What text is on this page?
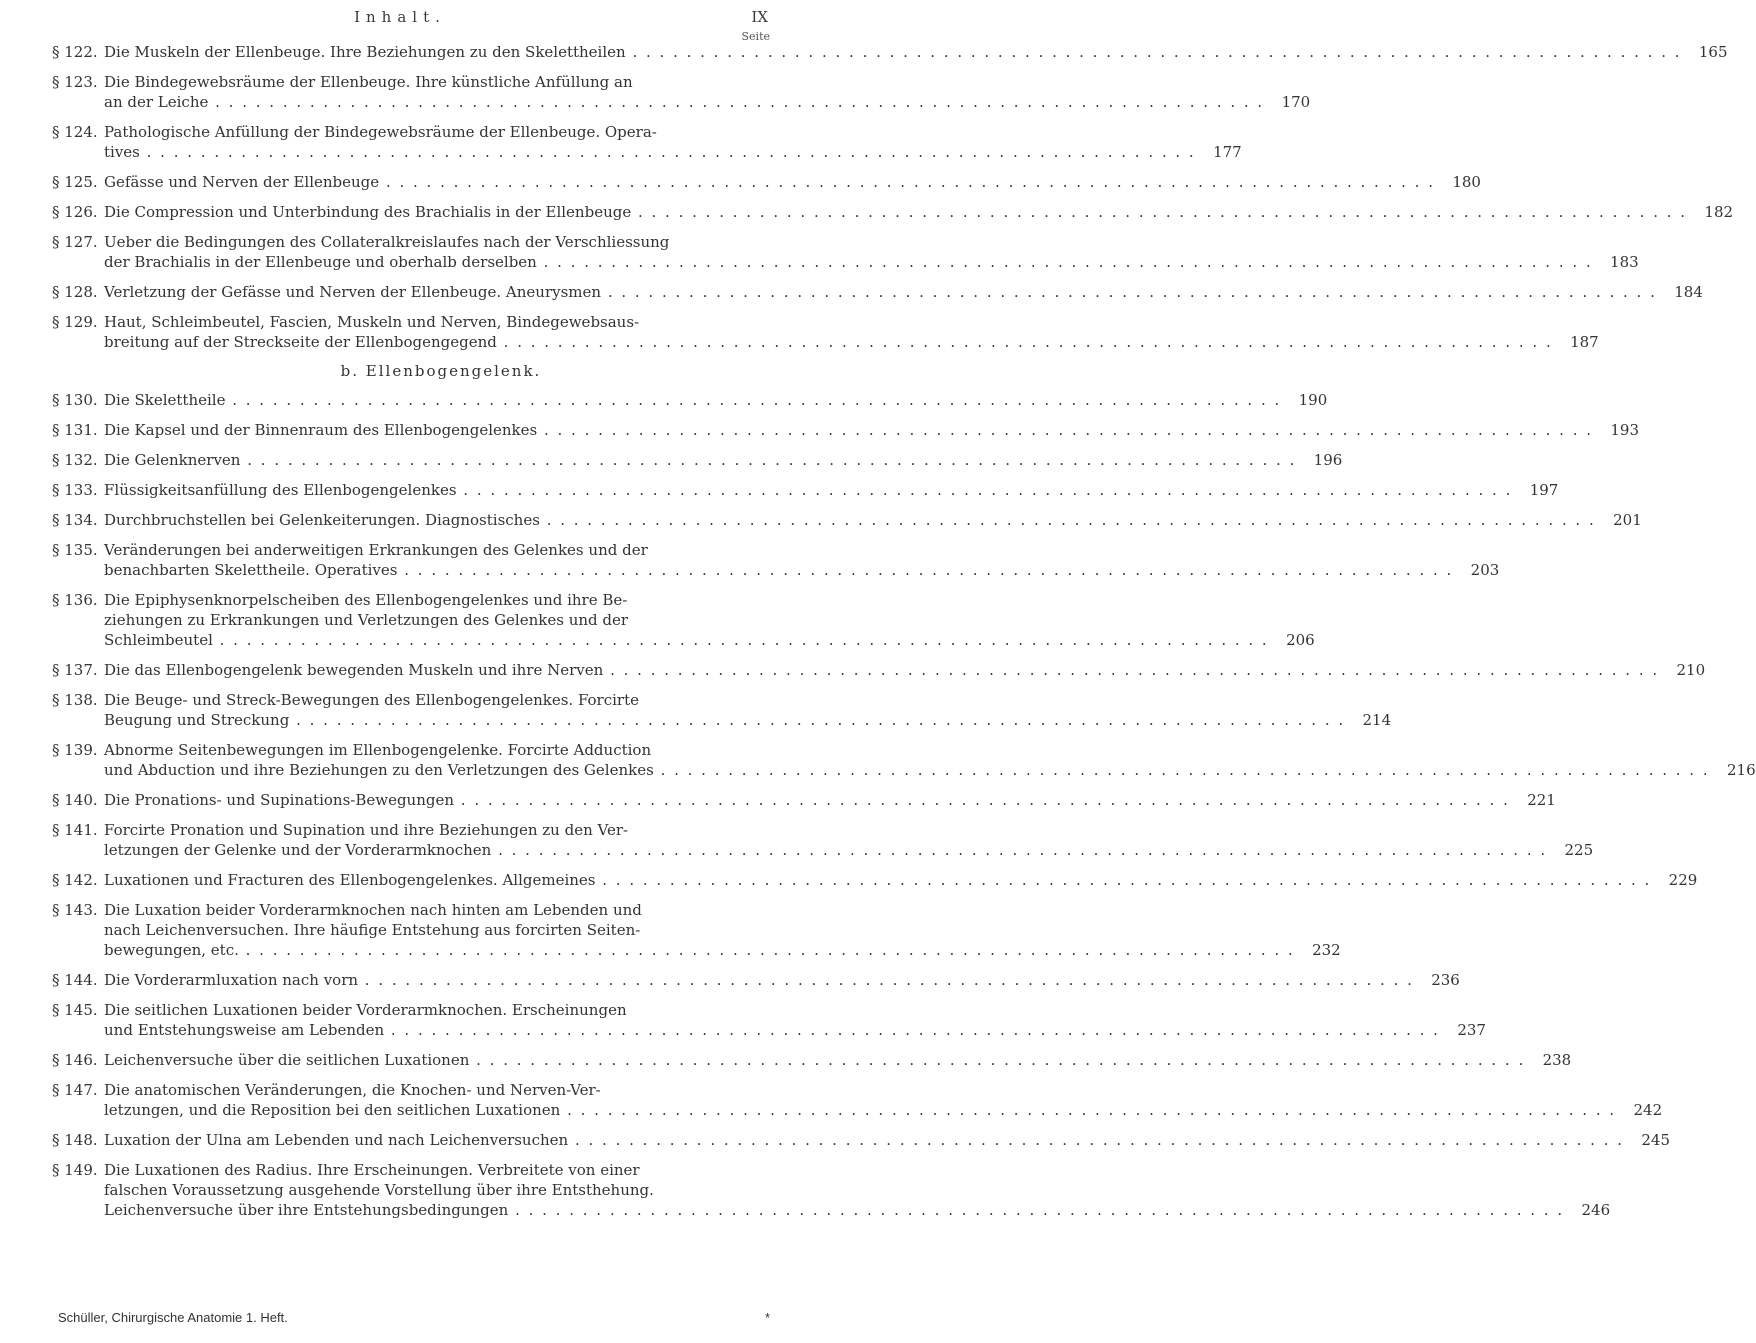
Inhalt.	IX
Seite
§ 122. Die Muskeln der Ellenbeuge. Ihre Beziehungen zu den Skelettheilen . . .	165
§ 123. Die Bindegewebsräume der Ellenbeuge. Ihre künstliche Anfüllung an
an der Leiche . . .	170
§ 124. Pathologische Anfüllung der Bindegewebsräume der Ellenbeuge. Opera-
tives . . .	177
§ 125. Gefässe und Nerven der Ellenbeuge . . .	180
§ 126. Die Compression und Unterbindung des Brachialis in der Ellenbeuge . . .	182
§ 127. Ueber die Bedingungen des Collateralkreislaufes nach der Verschliessung
der Brachialis in der Ellenbeuge und oberhalb derselben . . .	183
§ 128. Verletzung der Gefässe und Nerven der Ellenbeuge. Aneurysmen . . .	184
§ 129. Haut, Schleimbeutel, Fascien, Muskeln und Nerven, Bindegewebsaus-
breitung auf der Streckseite der Ellenbogengegend . . .	187
b. Ellenbogengelenk.
§ 130. Die Skelettheile . . .	190
§ 131. Die Kapsel und der Binnenraum des Ellenbogengelenkes . . .	193
§ 132. Die Gelenknerven . . .	196
§ 133. Flüssigkeitsanfüllung des Ellenbogengelenkes . . .	197
§ 134. Durchbruchstellen bei Gelenkeiterungen. Diagnostisches . . .	201
§ 135. Veränderungen bei anderweitigen Erkrankungen des Gelenkes und der
benachbarten Skelettheile. Operatives . . .	203
§ 136. Die Epiphysenknorpelscheiben des Ellenbogengelenkes und ihre Be-
ziehungen zu Erkrankungen und Verletzungen des Gelenkes und der
Schleimbeutel . . .	206
§ 137. Die das Ellenbogengelenk bewegenden Muskeln und ihre Nerven . . .	210
§ 138. Die Beuge- und Streck-Bewegungen des Ellenbogengelenkes. Forcirte
Beugung und Streckung . . .	214
§ 139. Abnorme Seitenbewegungen im Ellenbogengelenke. Forcirte Adduction
und Abduction und ihre Beziehungen zu den Verletzungen des Gelenkes . . .	216
§ 140. Die Pronations- und Supinations-Bewegungen . . .	221
§ 141. Forcirte Pronation und Supination und ihre Beziehungen zu den Ver-
letzungen der Gelenke und der Vorderarmknochen . . .	225
§ 142. Luxationen und Fracturen des Ellenbogengelenkes. Allgemeines . . .	229
§ 143. Die Luxation beider Vorderarmknochen nach hinten am Lebenden und
nach Leichenversuchen. Ihre häufige Entstehung aus forcirten Seiten-
bewegungen, etc. . . .	232
§ 144. Die Vorderarmluxation nach vorn . . .	236
§ 145. Die seitlichen Luxationen beider Vorderarmknochen. Erscheinungen
und Entstehungsweise am Lebenden . . .	237
§ 146. Leichenversuche über die seitlichen Luxationen . . .	238
§ 147. Die anatomischen Veränderungen, die Knochen- und Nerven-Ver-
letzungen, und die Reposition bei den seitlichen Luxationen . . .	242
§ 148. Luxation der Ulna am Lebenden und nach Leichenversuchen . . .	245
§ 149. Die Luxationen des Radius. Ihre Erscheinungen. Verbreitete von einer
falschen Voraussetzung ausgehende Vorstellung über ihre Entsthehung.
Leichenversuche über ihre Entstehungsbedingungen . . .	246
Schüller, Chirurgische Anatomie 1. Heft.	*
